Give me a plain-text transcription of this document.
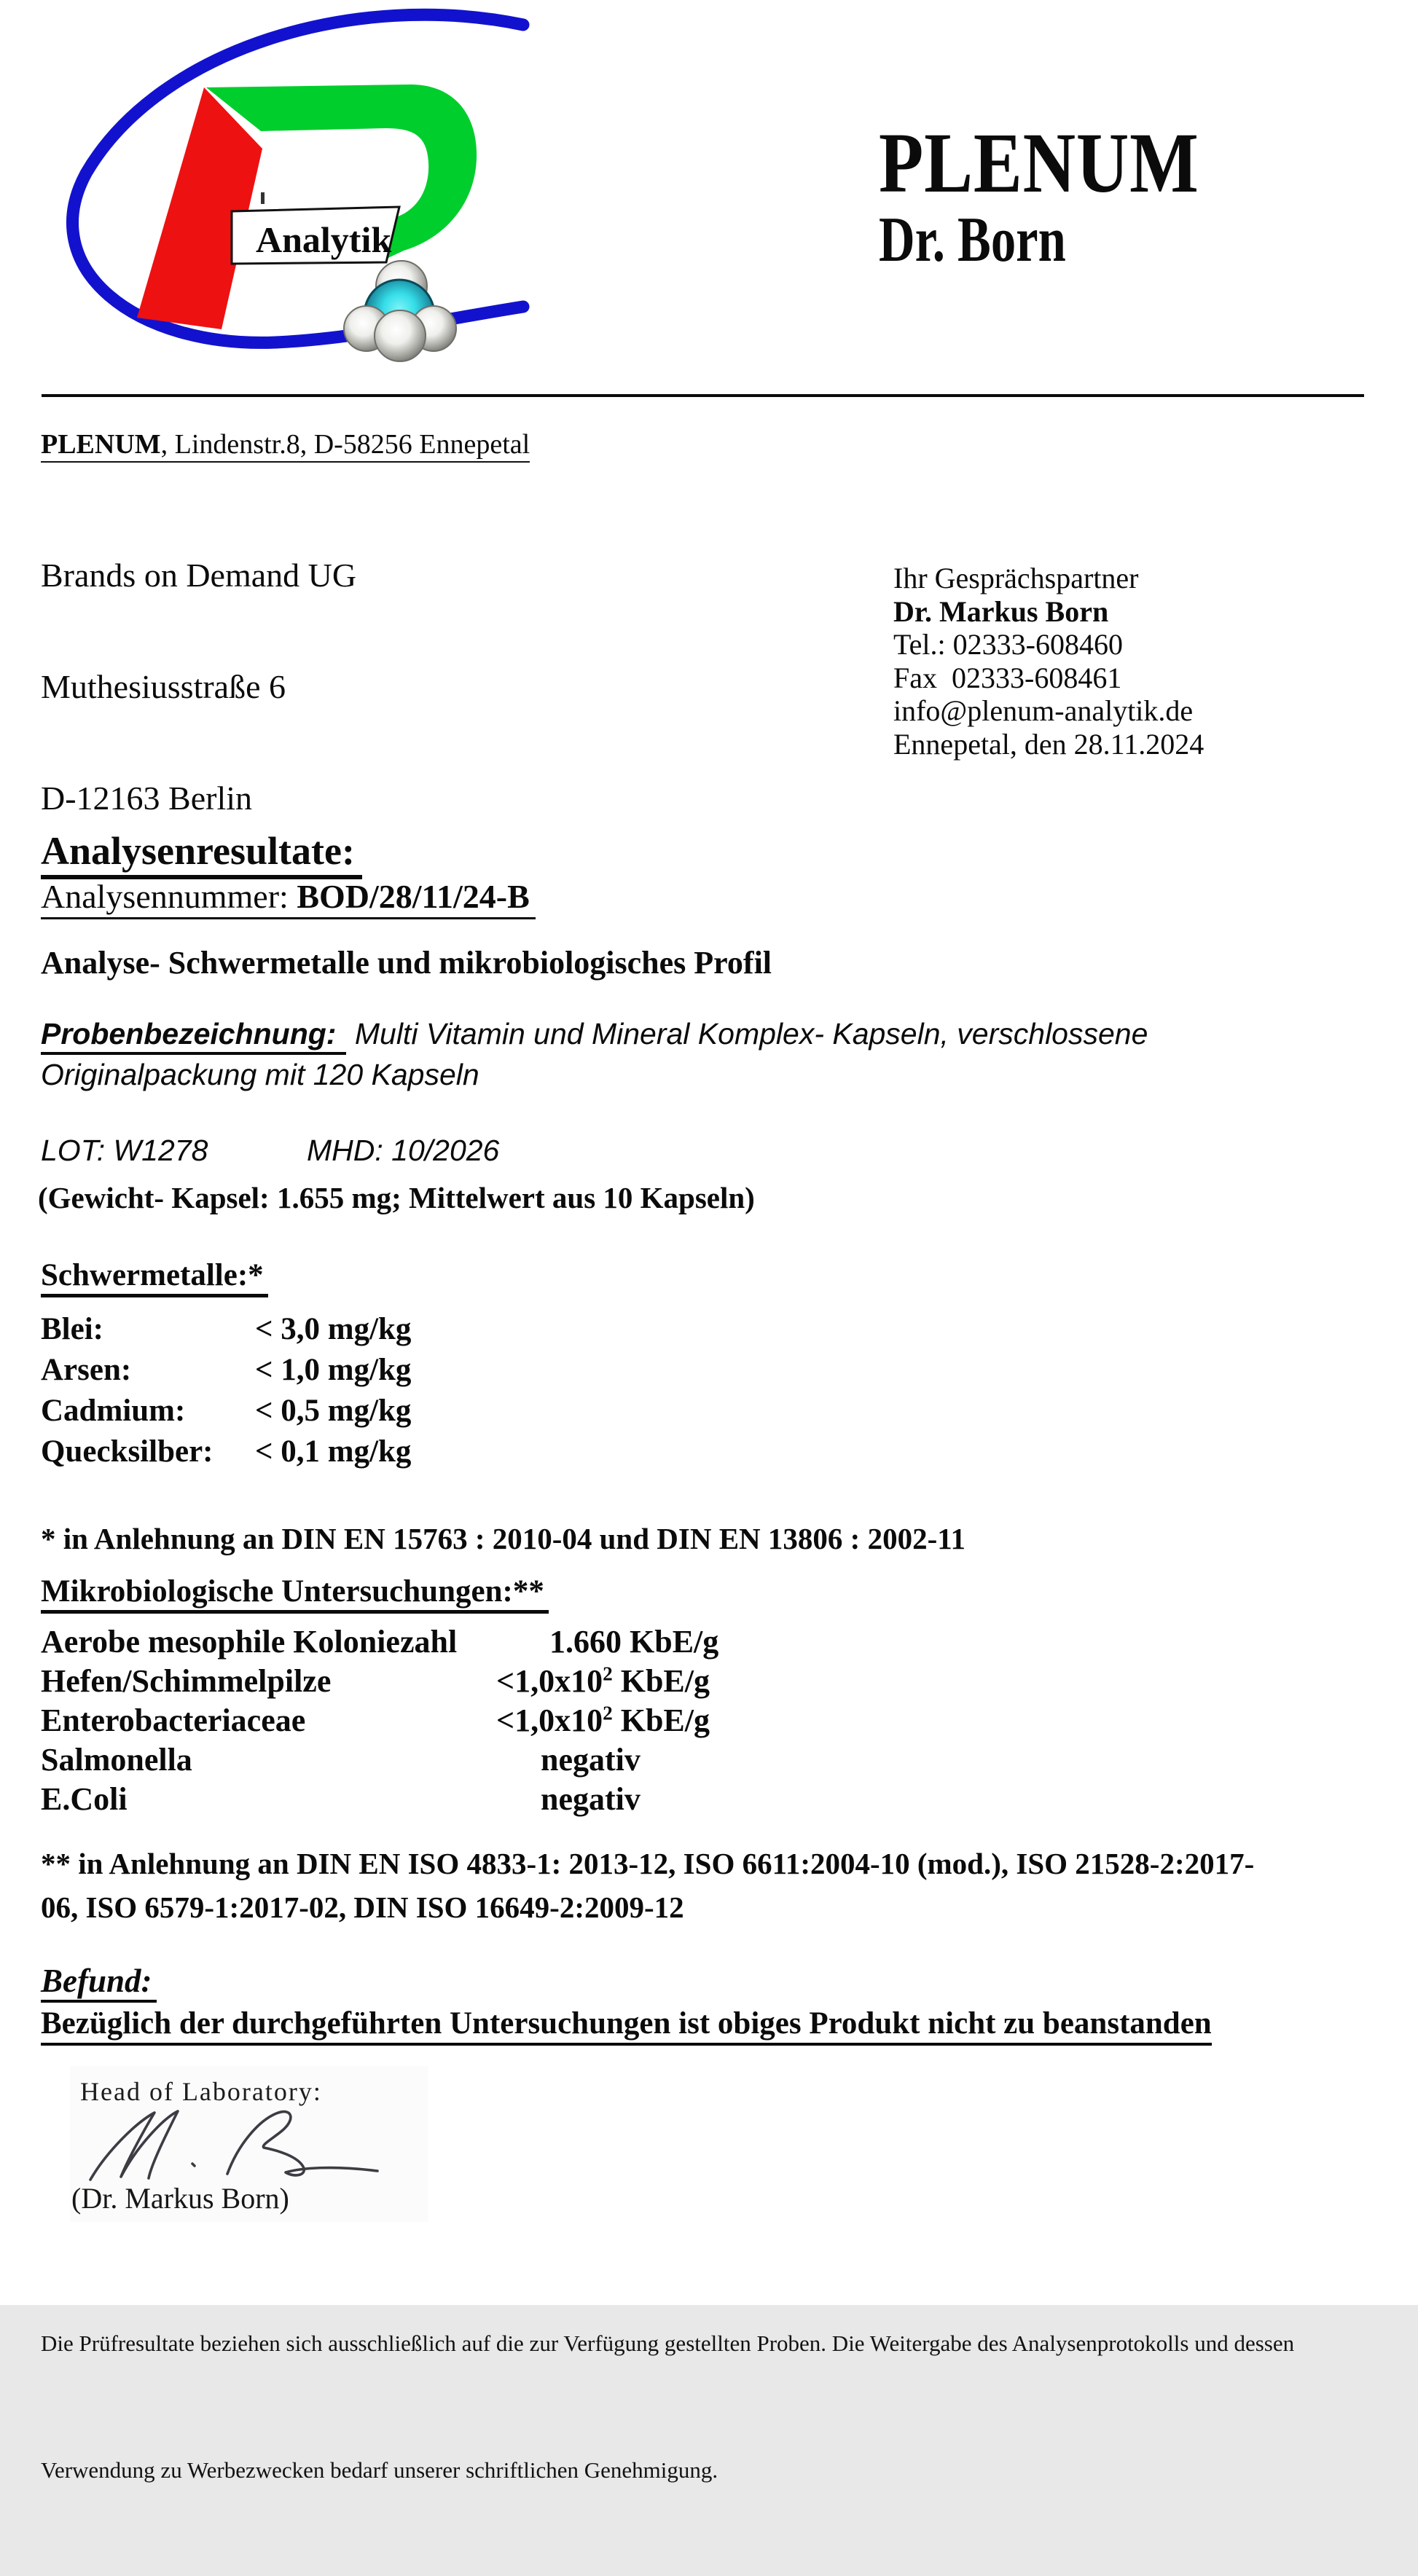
Analytik
PLENUM
Dr. Born
PLENUM, Lindenstr.8, D-58256 Ennepetal

Brands on Demand UG

Muthesiusstraße 6

D-12163 Berlin

Ihr Gesprächspartner
Dr. Markus Born
Tel.: 02333-608460
Fax  02333-608461
info@plenum-analytik.de
Ennepetal, den 28.11.2024
Analysenresultate:
Analysennummer: BOD/28/11/24-B
Analyse- Schwermetalle und mikrobiologisches Profil
Probenbezeichnung: Multi Vitamin und Mineral Komplex- Kapseln, verschlossene
Originalpackung mit 120 Kapseln
LOT: W1278	MHD: 10/2026
(Gewicht- Kapsel: 1.655 mg; Mittelwert aus 10 Kapseln)
Schwermetalle:*
Blei:	< 3,0 mg/kg
Arsen:	< 1,0 mg/kg
Cadmium: < 0,5 mg/kg
Quecksilber: < 0,1 mg/kg
* in Anlehnung an DIN EN 15763 : 2010-04 und DIN EN 13806 : 2002-11
Mikrobiologische Untersuchungen:**
Aerobe mesophile Koloniezahl	1.660 KbE/g
Hefen/Schimmelpilze	$<1,0x10^2$ KbE/g
Enterobacteriaceae	$<1,0x10^2$ KbE/g
Salmonella	negativ
E.Coli	negativ
** in Anlehnung an DIN EN ISO 4833-1: 2013-12, ISO 6611:2004-10 (mod.), ISO 21528-2:2017-
06, ISO 6579-1:2017-02, DIN ISO 16649-2:2009-12
Befund:
Bezüglich der durchgeführten Untersuchungen ist obiges Produkt nicht zu beanstanden
Head of Laboratory:
(Dr. Markus Born)

Die Prüfresultate beziehen sich ausschließlich auf die zur Verfügung gestellten Proben. Die Weitergabe des Analysenprotokolls und dessen

Verwendung zu Werbezwecken bedarf unserer schriftlichen Genehmigung.
